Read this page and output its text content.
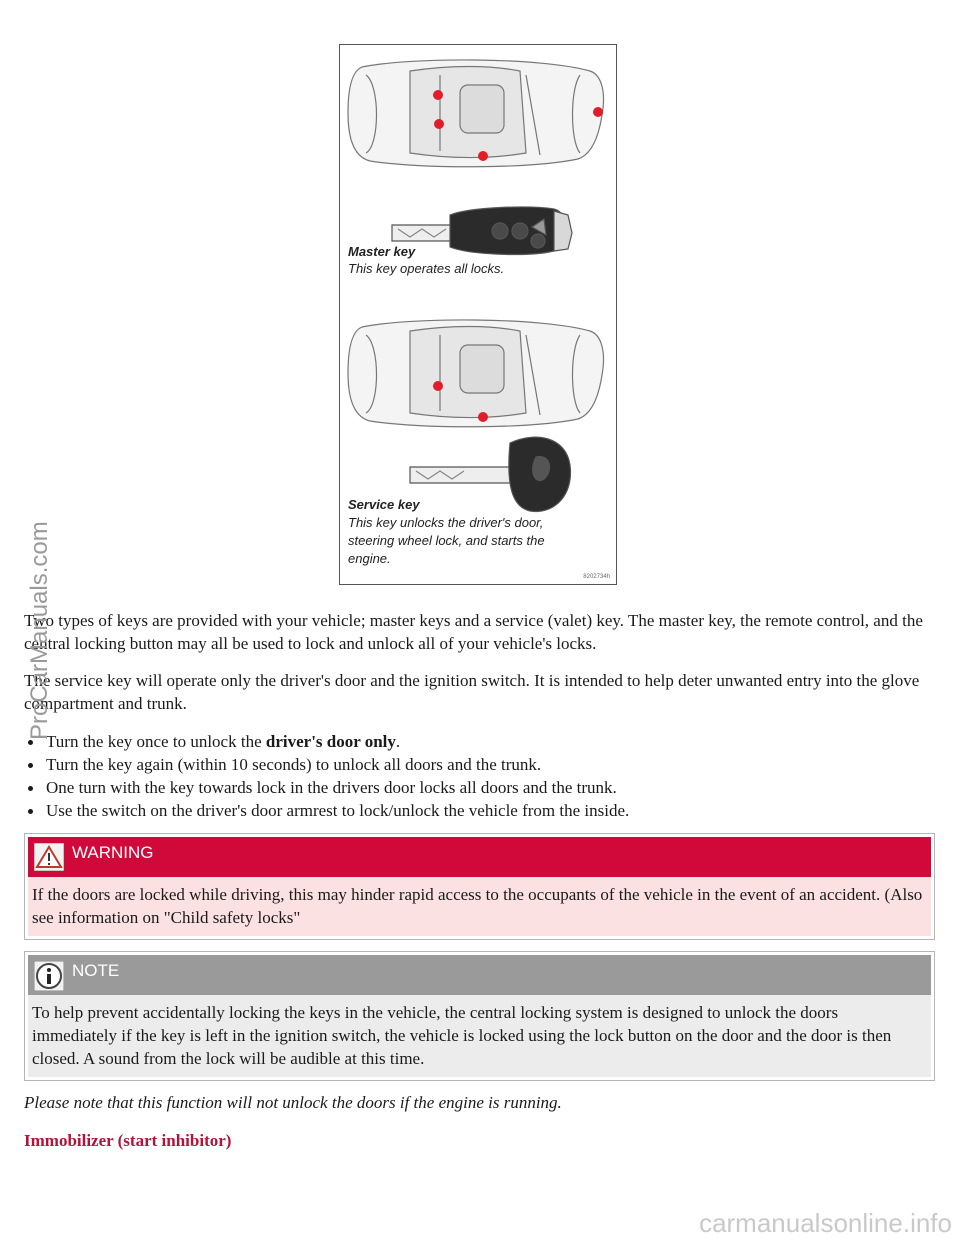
Master key
This key operates all locks.
Service key
This key unlocks the driver's door,
steering wheel lock, and starts the
engine.
8202734h

Two types of keys are provided with your vehicle; master keys and a service (valet) key. The master key, the remote control, and the central locking button may all be used to lock and unlock all of your vehicle's locks.

The service key will operate only the driver's door and the ignition switch. It is intended to help deter unwanted entry into the glove compartment and trunk.

Turn the key once to unlock the driver's door only.
Turn the key again (within 10 seconds) to unlock all doors and the trunk.
One turn with the key towards lock in the drivers door locks all doors and the trunk.
Use the switch on the driver's door armrest to lock/unlock the vehicle from the inside.
WARNING
If the doors are locked while driving, this may hinder rapid access to the occupants of the vehicle in the event of an accident. (Also see information on "Child safety locks"
NOTE
To help prevent accidentally locking the keys in the vehicle, the central locking system is designed to unlock the doors immediately if the key is left in the ignition switch, the vehicle is locked using the lock button on the door and the door is then closed. A sound from the lock will be audible at this time.

Please note that this function will not unlock the doors if the engine is running.

Immobilizer (start inhibitor)
ProCarManuals.com
carmanualsonline.info
